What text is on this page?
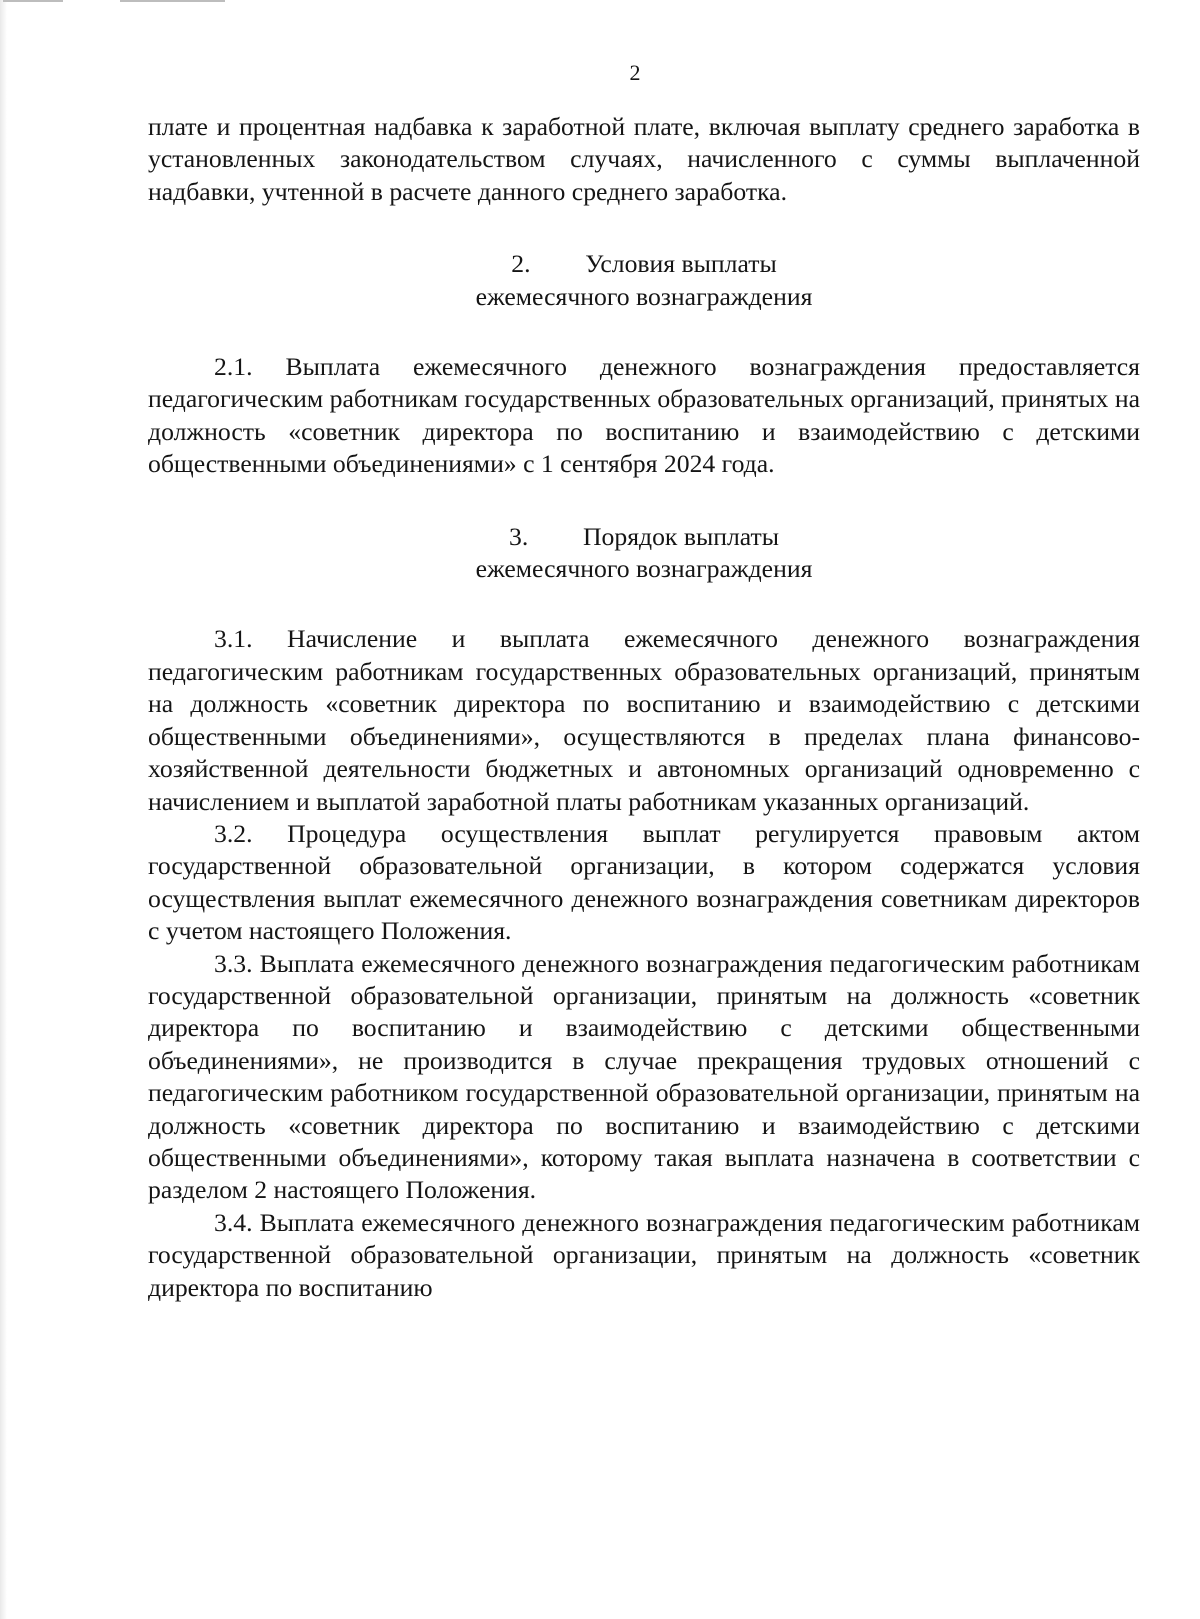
2

плате и процентная надбавка к заработной плате, включая выплату среднего заработка в установленных законодательством случаях, начисленного с суммы выплаченной надбавки, учтенной в расчете данного среднего заработка.

2. Условия выплаты
ежемесячного вознаграждения

2.1. Выплата ежемесячного денежного вознаграждения предоставляется педагогическим работникам государственных образовательных организаций, принятых на должность «советник директора по воспитанию и взаимодействию с детскими общественными объединениями» с 1 сентября 2024 года.

3. Порядок выплаты
ежемесячного вознаграждения

3.1. Начисление и выплата ежемесячного денежного вознаграждения педагогическим работникам государственных образовательных организаций, принятым на должность «советник директора по воспитанию и взаимодействию с детскими общественными объединениями», осуществляются в пределах плана финансово-хозяйственной деятельности бюджетных и автономных организаций одновременно с начислением и выплатой заработной платы работникам указанных организаций.

3.2. Процедура осуществления выплат регулируется правовым актом государственной образовательной организации, в котором содержатся условия осуществления выплат ежемесячного денежного вознаграждения советникам директоров с учетом настоящего Положения.

3.3. Выплата ежемесячного денежного вознаграждения педагогическим работникам государственной образовательной организации, принятым на должность «советник директора по воспитанию и взаимодействию с детскими общественными объединениями», не производится в случае прекращения трудовых отношений с педагогическим работником государственной образовательной организации, принятым на должность «советник директора по воспитанию и взаимодействию с детскими общественными объединениями», которому такая выплата назначена в соответствии с разделом 2 настоящего Положения.

3.4. Выплата ежемесячного денежного вознаграждения педагогическим работникам государственной образовательной организации, принятым на должность «советник директора по воспитанию
